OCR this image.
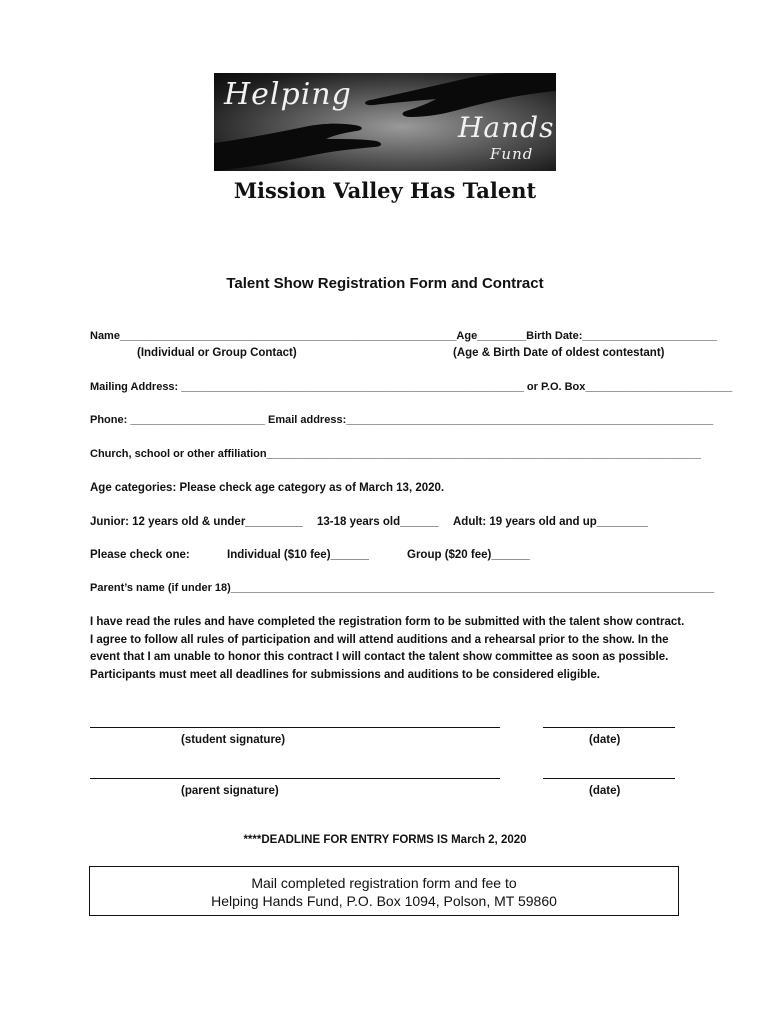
Helping
Hands
Fund
Mission Valley Has Talent
Talent Show Registration Form and Contract
Name_______________________________________________________Age________Birth Date:______________________
(Individual or Group Contact)	(Age & Birth Date of oldest contestant)
Mailing Address: ________________________________________________________ or P.O. Box________________________
Phone: ______________________ Email address:____________________________________________________________
Church, school or other affiliation_______________________________________________________________________
Age categories: Please check age category as of March 13, 2020.
Junior: 12 years old & under_________ 13-18 years old______ Adult: 19 years old and up________
Please check one:	Individual ($10 fee)______	Group ($20 fee)______
Parent’s name (if under 18)_______________________________________________________________________________
I have read the rules and have completed the registration form to be submitted with the talent show contract. I agree to follow all rules of participation and will attend auditions and a rehearsal prior to the show. In the event that I am unable to honor this contract I will contact the talent show committee as soon as possible. Participants must meet all deadlines for submissions and auditions to be considered eligible.
(student signature)	(date)
(parent signature)	(date)
****DEADLINE FOR ENTRY FORMS IS March 2, 2020
Mail completed registration form and fee to
Helping Hands Fund, P.O. Box 1094, Polson, MT 59860
